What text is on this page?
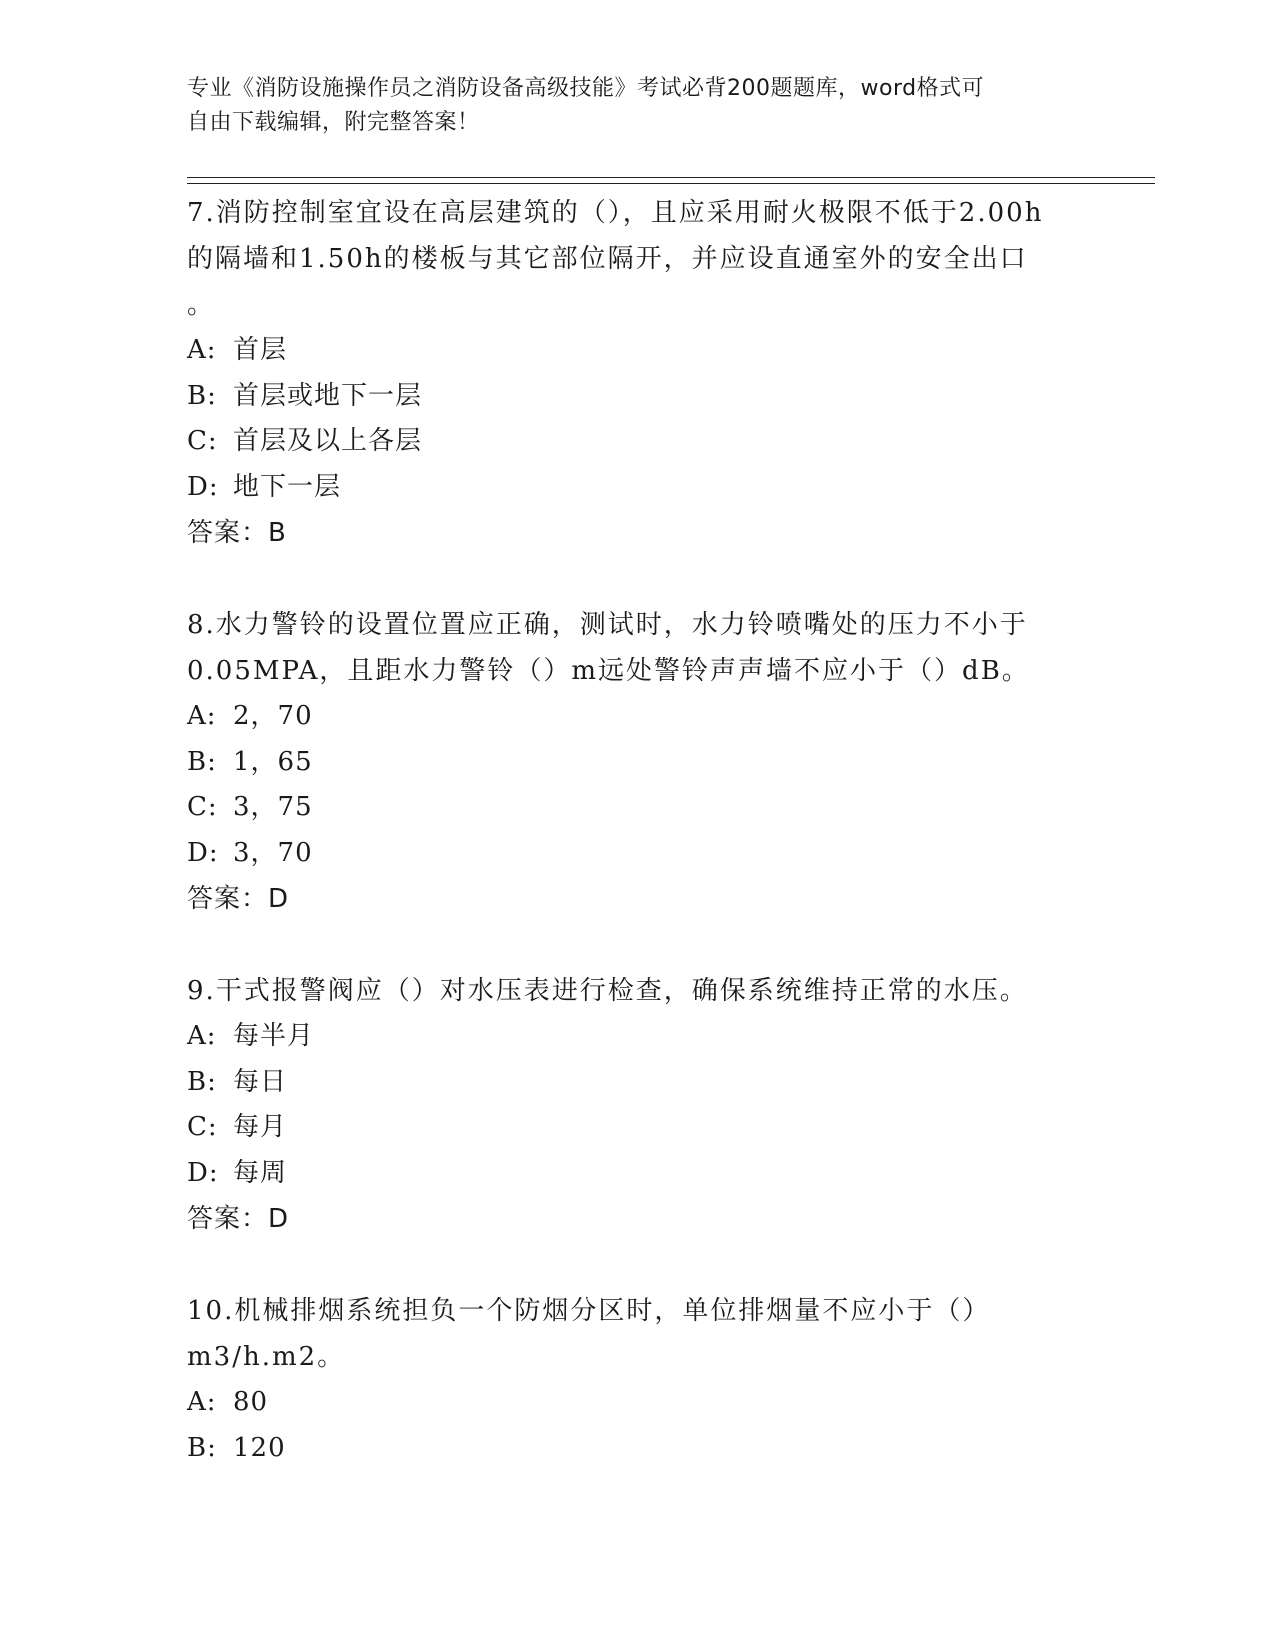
专业《消防设施操作员之消防设备高级技能》考试必背200题题库，word格式可
自由下载编辑，附完整答案！
7.消防控制室宜设在高层建筑的（），且应采用耐火极限不低于2.00h
的隔墙和1.50h的楼板与其它部位隔开，并应设直通室外的安全出口
。
A: 首层
B: 首层或地下一层
C: 首层及以上各层
D: 地下一层
答案：B
8.水力警铃的设置位置应正确，测试时，水力铃喷嘴处的压力不小于
0.05MPA，且距水力警铃（）m远处警铃声声墙不应小于（）dB。
A: 2，70
B: 1，65
C: 3，75
D: 3，70
答案：D
9.干式报警阀应（）对水压表进行检查，确保系统维持正常的水压。
A: 每半月
B: 每日
C: 每月
D: 每周
答案：D
10.机械排烟系统担负一个防烟分区时，单位排烟量不应小于（）
m3/h.m2。
A: 80
B: 120
